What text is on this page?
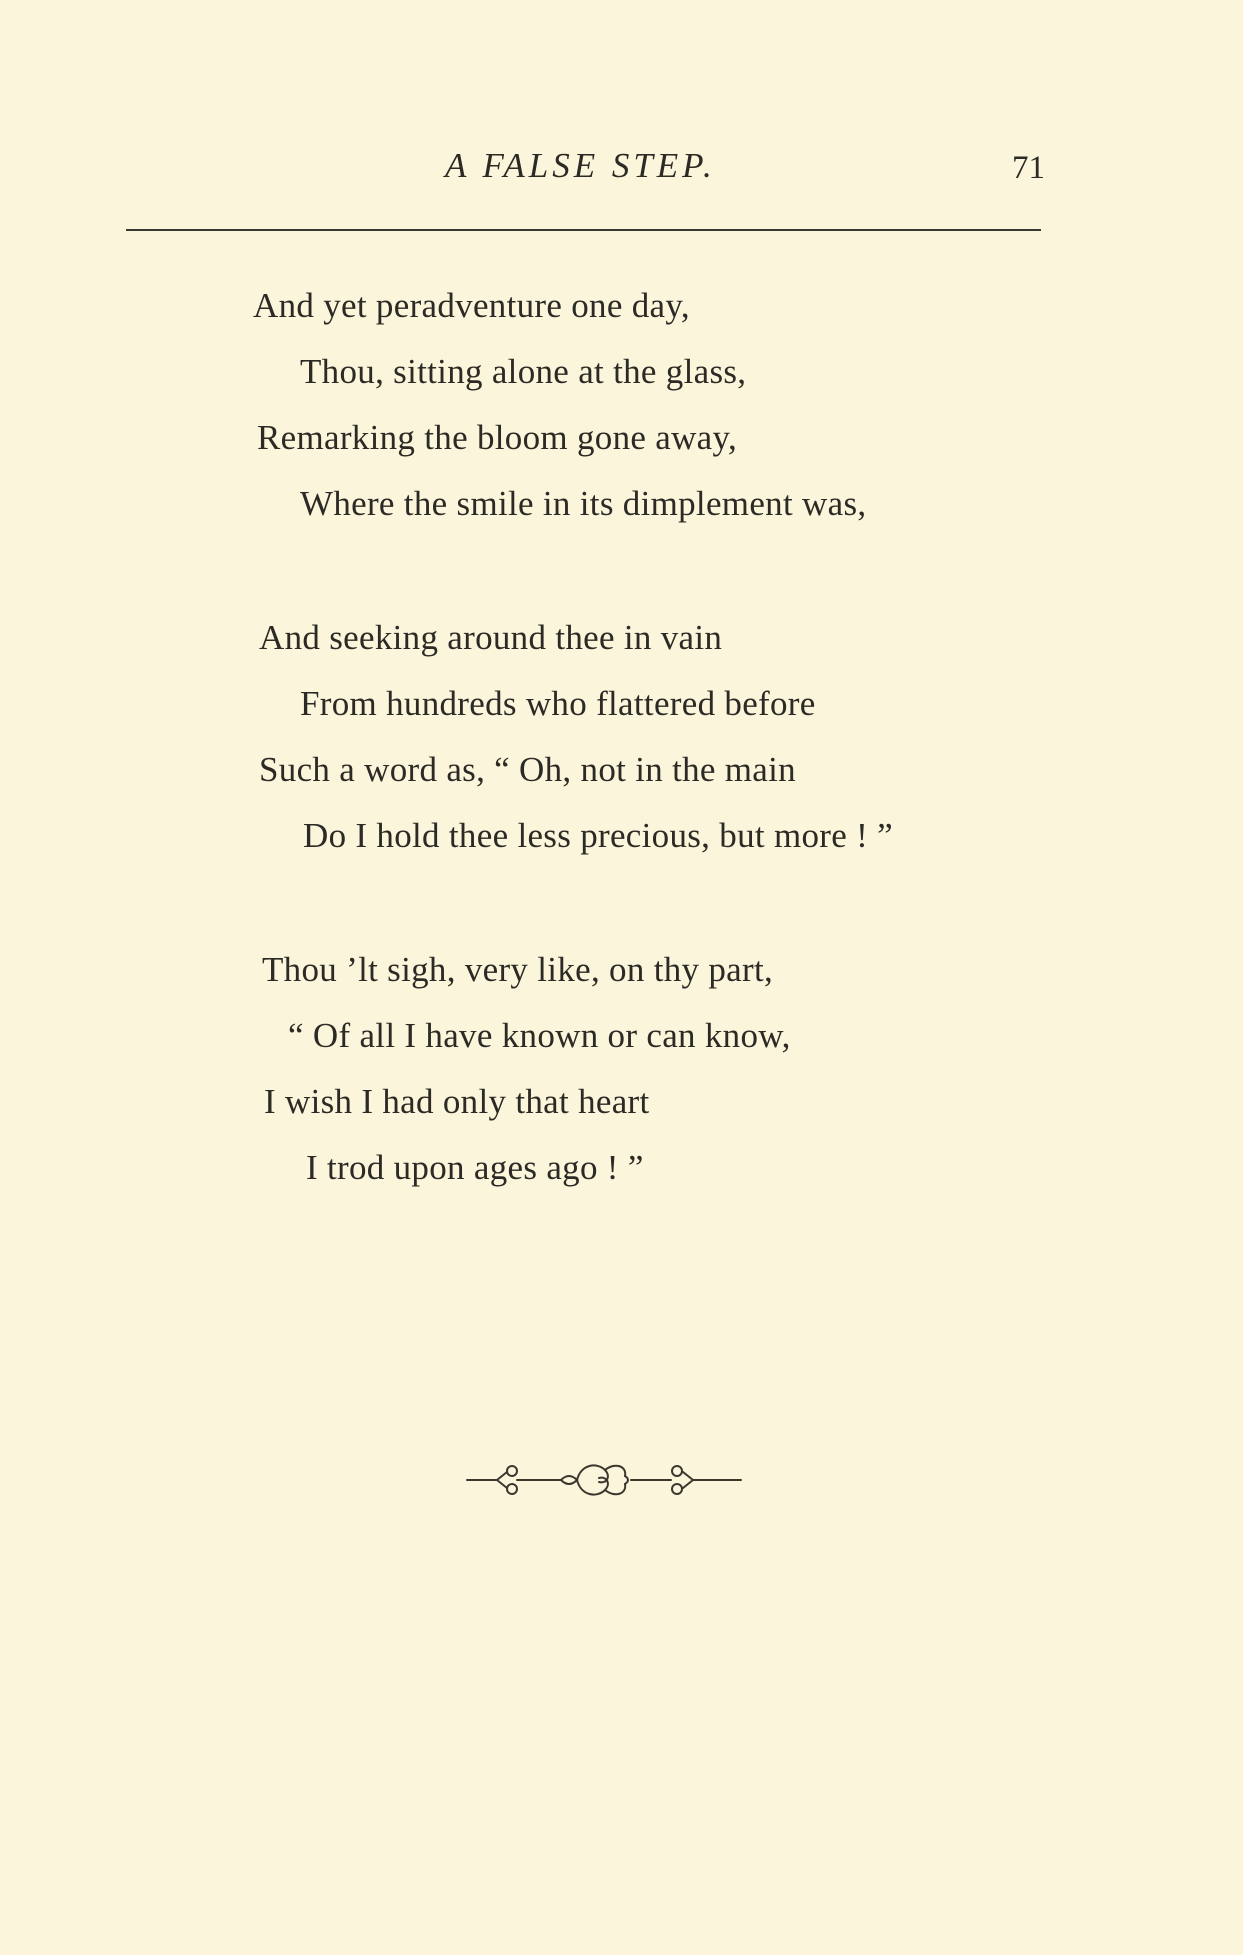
A FALSE STEP.	71
And yet peradventure one day,
Thou, sitting alone at the glass,
Remarking the bloom gone away,
Where the smile in its dimplement was,
And seeking around thee in vain
From hundreds who flattered before
Such a word as, “ Oh, not in the main
Do I hold thee less precious, but more ! ”
Thou ’lt sigh, very like, on thy part,
“ Of all I have known or can know,
I wish I had only that heart
I trod upon ages ago ! ”
